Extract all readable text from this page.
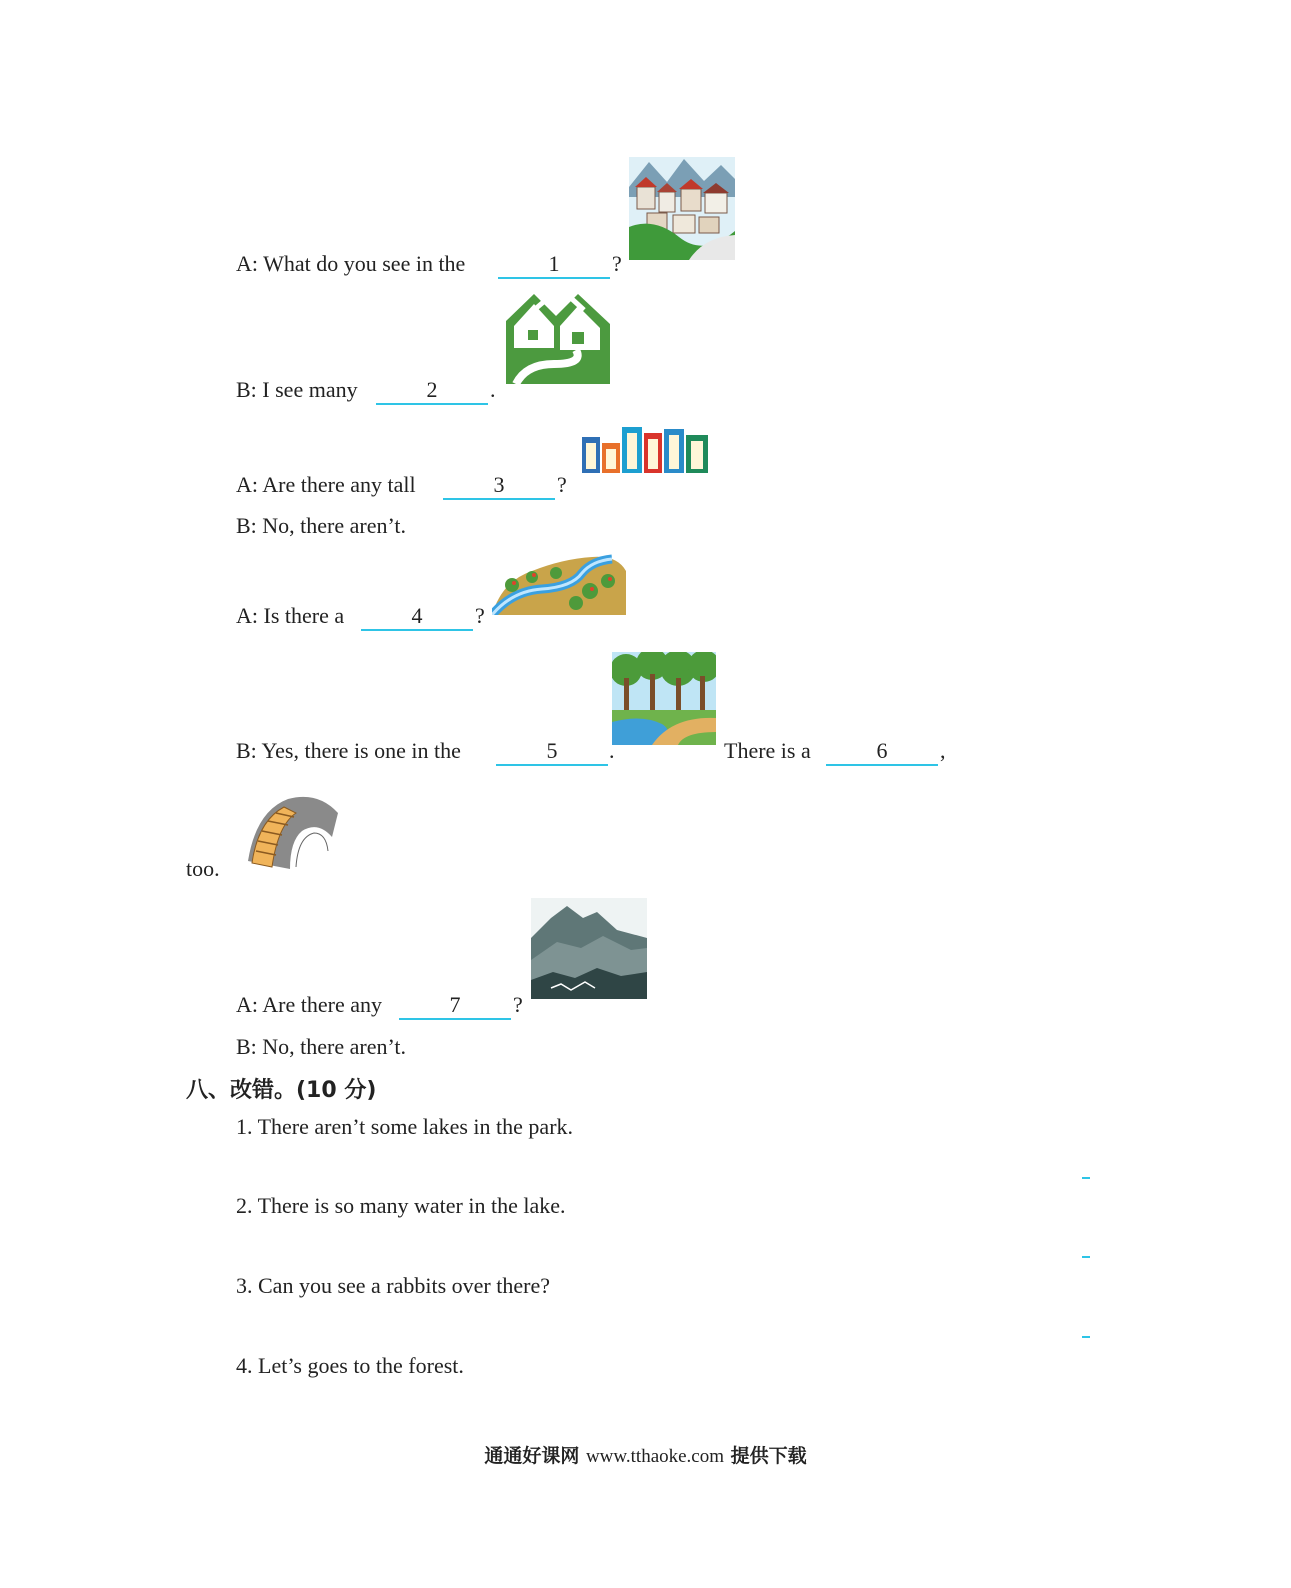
A: What do you see in the	1	?
B: I see many	2	.
A: Are there any tall	3	?
B: No, there aren’t.
A: Is there a	4	?
B: Yes, there is one in the	5	.	There is a	6	,
too.
A: Are there any	7	?
B: No, there aren’t.
八、改错。(10 分)
1. There aren’t some lakes in the park.
2. There is so many water in the lake.
3. Can you see a rabbits over there?
4. Let’s goes to the forest.
通通好课网 www.tthaoke.com 提供下载
